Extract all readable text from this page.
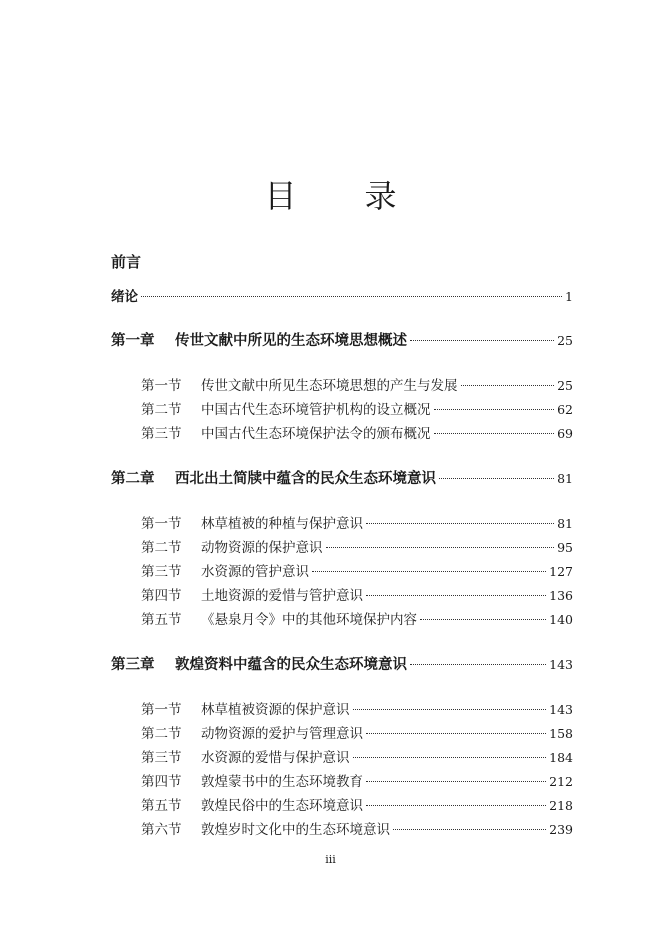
目录
前言
绪论	1
第一章 传世文献中所见的生态环境思想概述	25
第一节 传世文献中所见生态环境思想的产生与发展	25
第二节 中国古代生态环境管护机构的设立概况	62
第三节 中国古代生态环境保护法令的颁布概况	69
第二章 西北出土简牍中蕴含的民众生态环境意识	81
第一节 林草植被的种植与保护意识	81
第二节 动物资源的保护意识	95
第三节 水资源的管护意识	127
第四节 土地资源的爱惜与管护意识	136
第五节 《悬泉月令》中的其他环境保护内容	140
第三章 敦煌资料中蕴含的民众生态环境意识	143
第一节 林草植被资源的保护意识	143
第二节 动物资源的爱护与管理意识	158
第三节 水资源的爱惜与保护意识	184
第四节 敦煌蒙书中的生态环境教育	212
第五节 敦煌民俗中的生态环境意识	218
第六节 敦煌岁时文化中的生态环境意识	239
iii
